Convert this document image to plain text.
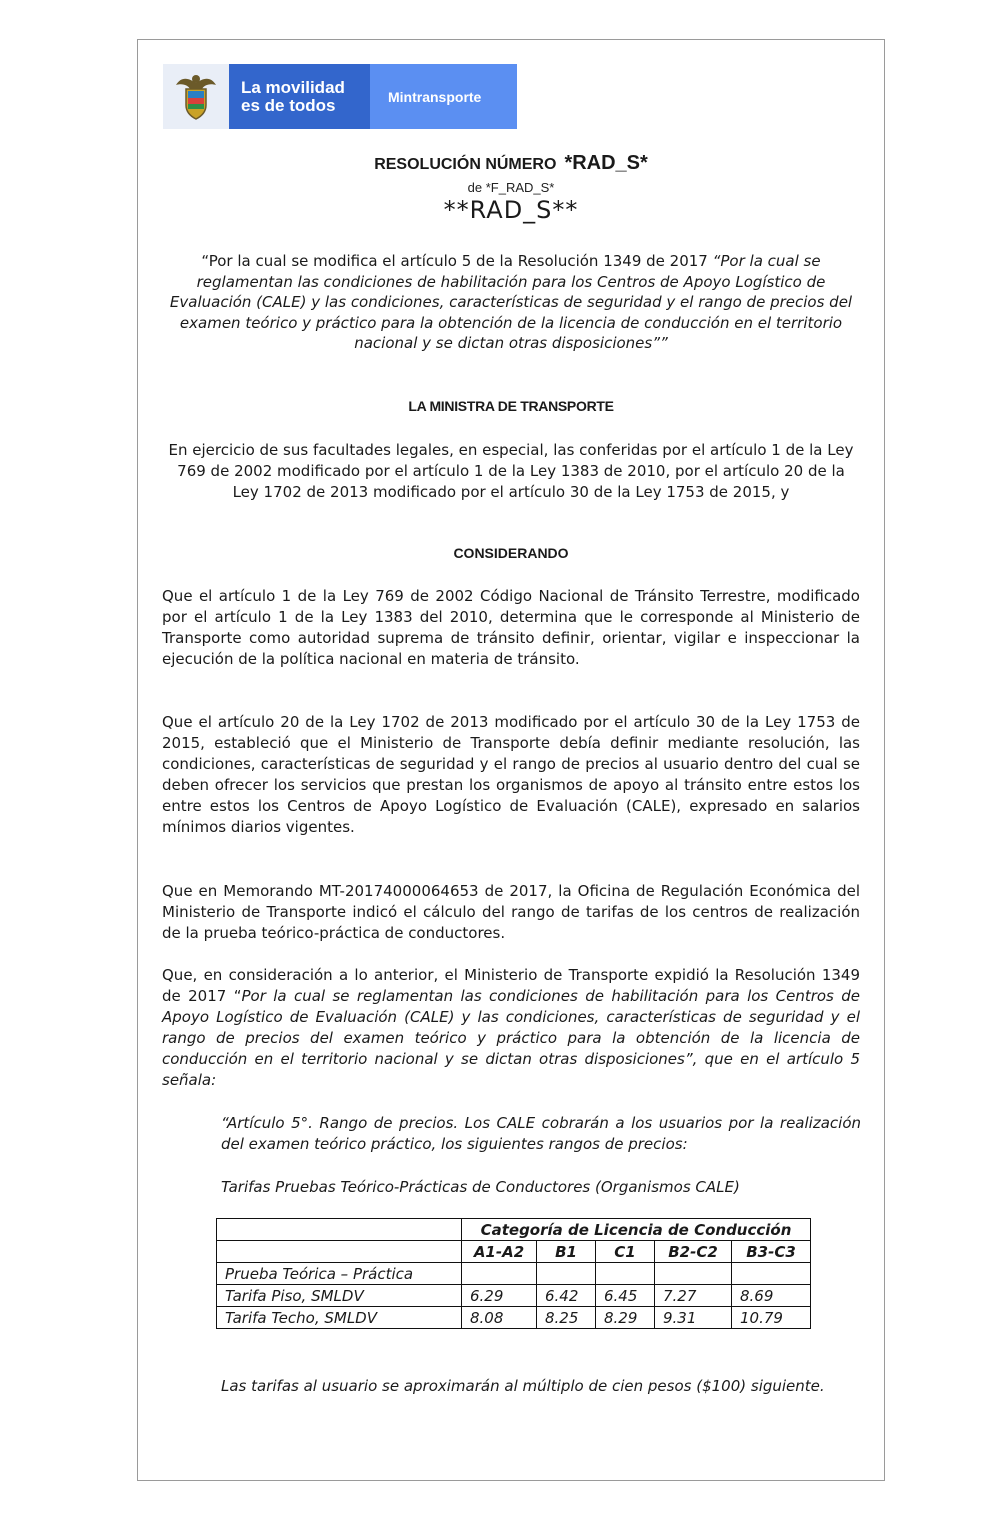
La movilidad
es de todos	Mintransporte
RESOLUCIÓN NÚMERO *RAD_S*
de *F_RAD_S*
**RAD_S**
“Por la cual se modifica el artículo 5 de la Resolución 1349 de 2017 “Por la cual se reglamentan las condiciones de habilitación para los Centros de Apoyo Logístico de Evaluación (CALE) y las condiciones, características de seguridad y el rango de precios del examen teórico y práctico para la obtención de la licencia de conducción en el territorio nacional y se dictan otras disposiciones””
LA MINISTRA DE TRANSPORTE
En ejercicio de sus facultades legales, en especial, las conferidas por el artículo 1 de la Ley 769 de 2002 modificado por el artículo 1 de la Ley 1383 de 2010, por el artículo 20 de la Ley 1702 de 2013 modificado por el artículo 30 de la Ley 1753 de 2015, y
CONSIDERANDO

Que el artículo 1 de la Ley 769 de 2002 Código Nacional de Tránsito Terrestre, modificado por el artículo 1 de la Ley 1383 del 2010, determina que le corresponde al Ministerio de Transporte como autoridad suprema de tránsito definir, orientar, vigilar e inspeccionar la ejecución de la política nacional en materia de tránsito.

Que el artículo 20 de la Ley 1702 de 2013 modificado por el artículo 30 de la Ley 1753 de 2015, estableció que el Ministerio de Transporte debía definir mediante resolución, las condiciones, características de seguridad y el rango de precios al usuario dentro del cual se deben ofrecer los servicios que prestan los organismos de apoyo al tránsito entre estos los entre estos los Centros de Apoyo Logístico de Evaluación (CALE), expresado en salarios mínimos diarios vigentes.

Que en Memorando MT-20174000064653 de 2017, la Oficina de Regulación Económica del Ministerio de Transporte indicó el cálculo del rango de tarifas de los centros de realización de la prueba teórico-práctica de conductores.

Que, en consideración a lo anterior, el Ministerio de Transporte expidió la Resolución 1349 de 2017 “Por la cual se reglamentan las condiciones de habilitación para los Centros de Apoyo Logístico de Evaluación (CALE) y las condiciones, características de seguridad y el rango de precios del examen teórico y práctico para la obtención de la licencia de conducción en el territorio nacional y se dictan otras disposiciones”, que en el artículo 5 señala:

“Artículo 5°. Rango de precios. Los CALE cobrarán a los usuarios por la realización del examen teórico práctico, los siguientes rangos de precios:

Tarifas Pruebas Teórico-Prácticas de Conductores (Organismos CALE)

	Categoría de Licencia de Conducción				
	A1-A2	B1	C1	B2-C2	B3-C3
Prueba Teórica – Práctica					
Tarifa Piso, SMLDV	6.29	6.42	6.45	7.27	8.69
Tarifa Techo, SMLDV	8.08	8.25	8.29	9.31	10.79

Las tarifas al usuario se aproximarán al múltiplo de cien pesos ($100) siguiente.
